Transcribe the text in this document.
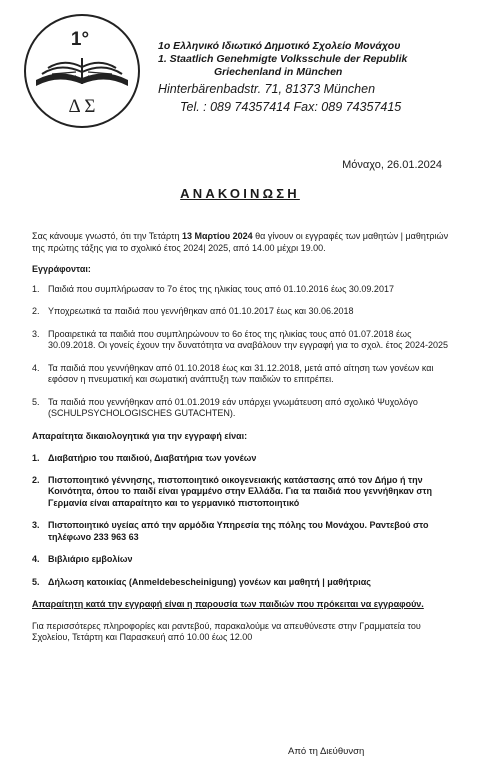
1°
Δ Σ
1ο Ελληνικό Ιδιωτικό Δημοτικό Σχολείο Μονάχου
1. Staatlich Genehmigte Volksschule der Republik
Griechenland in München
Hinterbärenbadstr. 71, 81373 München
Tel. : 089 74357414 Fax: 089 74357415
Μόναχο, 26.01.2024
ΑΝΑΚΟΙΝΩΣΗ

Σας κάνουμε γνωστό, ότι την Τετάρτη 13 Μαρτίου 2024 θα γίνουν οι εγγραφές των μαθητών | μαθητριών της πρώτης τάξης για το σχολικό έτος 2024| 2025, από 14.00 μέχρι 19.00.

Εγγράφονται:

1. Παιδιά που συμπλήρωσαν το 7ο έτος της ηλικίας τους από 01.10.2016 έως 30.09.2017
2. Υποχρεωτικά τα παιδιά που γεννήθηκαν από 01.10.2017 έως και 30.06.2018
3. Προαιρετικά τα παιδιά που συμπληρώνουν το 6ο έτος της ηλικίας τους από 01.07.2018 έως 30.09.2018. Οι γονείς έχουν την δυνατότητα να αναβάλουν την εγγραφή για το σχολ. έτος 2024-2025
4. Τα παιδιά που γεννήθηκαν από 01.10.2018 έως και 31.12.2018, μετά από αίτηση των γονέων και εφόσον η πνευματική και σωματική ανάπτυξη των παιδιών το επιτρέπει.
5. Τα παιδιά που γεννήθηκαν από 01.01.2019 εάν υπάρχει γνωμάτευση από σχολικό Ψυχολόγο (SCHULPSYCHOLOGISCHES GUTACHTEN).

Απαραίτητα δικαιολογητικά για την εγγραφή είναι:

1. Διαβατήριο του παιδιού, Διαβατήρια των γονέων
2. Πιστοποιητικό γέννησης, πιστοποιητικό οικογενειακής κατάστασης από τον Δήμο ή την Κοινότητα, όπου το παιδί είναι γραμμένο στην Ελλάδα. Για τα παιδιά που γεννήθηκαν στη Γερμανία είναι απαραίτητο και το γερμανικό πιστοποιητικό
3. Πιστοποιητικό υγείας από την αρμόδια Υπηρεσία της πόλης του Μονάχου. Ραντεβού στο τηλέφωνο 233 963 63
4. Βιβλιάριο εμβολίων
5. Δήλωση κατοικίας (Anmeldebescheinigung) γονέων και μαθητή | μαθήτριας

Απαραίτητη κατά την εγγραφή είναι η παρουσία των παιδιών που πρόκειται να εγγραφούν.

Για περισσότερες πληροφορίες και ραντεβού, παρακαλούμε να απευθύνεστε στην Γραμματεία του Σχολείου, Τετάρτη και Παρασκευή από 10.00 έως 12.00

Από τη Διεύθυνση
